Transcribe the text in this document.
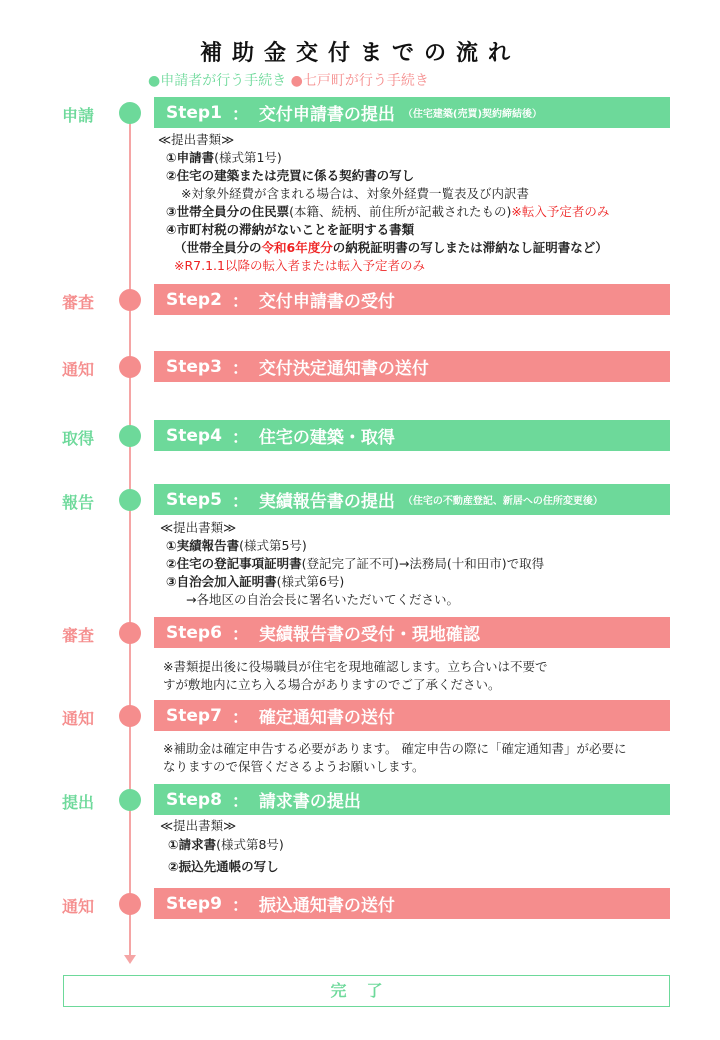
補助金交付までの流れ
●申請者が行う手続き ●七戸町が行う手続き
申請	Step1 ： 交付申請書の提出 （住宅建築(売買)契約締結後）
≪提出書類≫
①申請書(様式第1号)
②住宅の建築または売買に係る契約書の写し
※対象外経費が含まれる場合は、対象外経費一覧表及び内訳書
③世帯全員分の住民票(本籍、続柄、前住所が記載されたもの)※転入予定者のみ
④市町村税の滞納がないことを証明する書類
（世帯全員分の令和6年度分の納税証明書の写しまたは滞納なし証明書など）
※R7.1.1以降の転入者または転入予定者のみ
審査	Step2 ： 交付申請書の受付
通知	Step3 ： 交付決定通知書の送付
取得	Step4 ： 住宅の建築・取得
報告	Step5 ： 実績報告書の提出 （住宅の不動産登記、新居への住所変更後）
≪提出書類≫
①実績報告書(様式第5号)
②住宅の登記事項証明書(登記完了証不可)→法務局(十和田市)で取得
③自治会加入証明書(様式第6号)
→各地区の自治会長に署名いただいてください。
審査	Step6 ： 実績報告書の受付・現地確認
※書類提出後に役場職員が住宅を現地確認します。立ち合いは不要で
すが敷地内に立ち入る場合がありますのでご了承ください。
通知	Step7 ： 確定通知書の送付
※補助金は確定申告する必要があります。 確定申告の際に「確定通知書」が必要に
なりますので保管くださるようお願いします。
提出	Step8 ： 請求書の提出
≪提出書類≫
①請求書(様式第8号)
②振込先通帳の写し
通知	Step9 ： 振込通知書の送付
完了
